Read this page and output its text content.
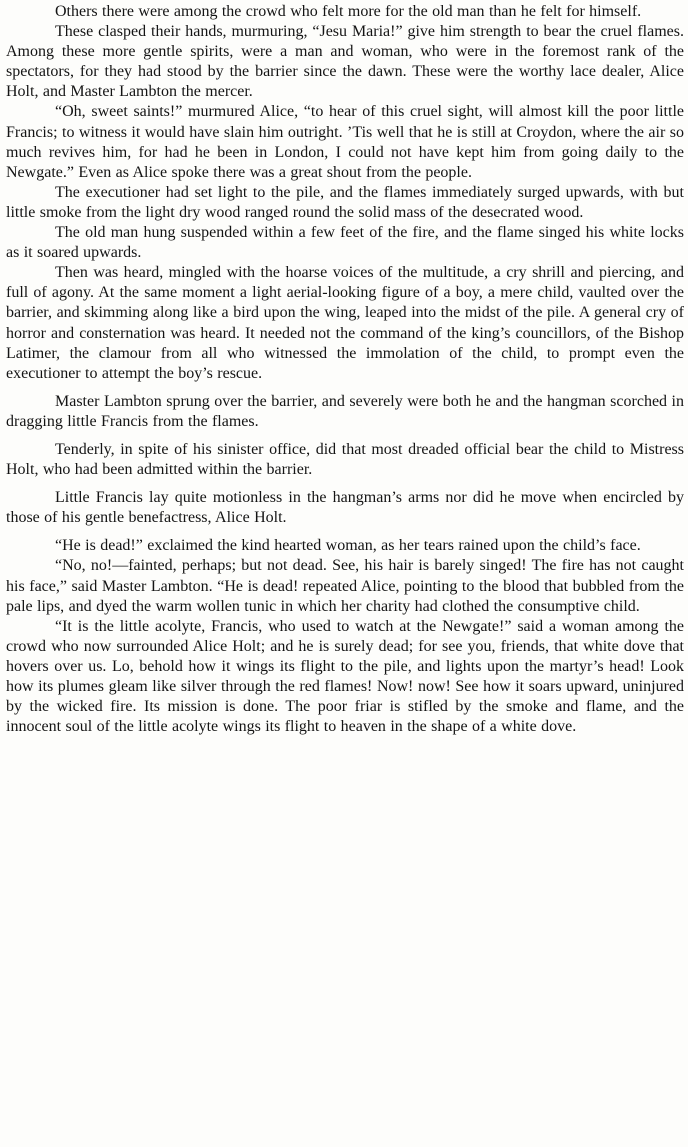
Others there were among the crowd who felt more for the old man than he felt for himself.

These clasped their hands, murmuring, “Jesu Maria!” give him strength to bear the cruel flames. Among these more gentle spirits, were a man and woman, who were in the foremost rank of the spectators, for they had stood by the barrier since the dawn. These were the worthy lace dealer, Alice Holt, and Master Lambton the mercer.

“Oh, sweet saints!” murmured Alice, “to hear of this cruel sight, will almost kill the poor little Francis; to witness it would have slain him outright. ’Tis well that he is still at Croydon, where the air so much revives him, for had he been in London, I could not have kept him from going daily to the Newgate.” Even as Alice spoke there was a great shout from the people.

The executioner had set light to the pile, and the flames immediately surged upwards, with but little smoke from the light dry wood ranged round the solid mass of the desecrated wood.

The old man hung suspended within a few feet of the fire, and the flame singed his white locks as it soared upwards.

Then was heard, mingled with the hoarse voices of the multitude, a cry shrill and piercing, and full of agony. At the same moment a light aerial-looking figure of a boy, a mere child, vaulted over the barrier, and skimming along like a bird upon the wing, leaped into the midst of the pile. A general cry of horror and consternation was heard. It needed not the command of the king’s councillors, of the Bishop Latimer, the clamour from all who witnessed the immolation of the child, to prompt even the executioner to attempt the boy’s rescue.

Master Lambton sprung over the barrier, and severely were both he and the hangman scorched in dragging little Francis from the flames.

Tenderly, in spite of his sinister office, did that most dreaded official bear the child to Mistress Holt, who had been admitted within the barrier.

Little Francis lay quite motionless in the hangman’s arms nor did he move when encircled by those of his gentle benefactress, Alice Holt.

“He is dead!” exclaimed the kind hearted woman, as her tears rained upon the child’s face.

“No, no!—fainted, perhaps; but not dead. See, his hair is barely singed! The fire has not caught his face,” said Master Lambton. “He is dead! repeated Alice, pointing to the blood that bubbled from the pale lips, and dyed the warm wollen tunic in which her charity had clothed the consumptive child.

“It is the little acolyte, Francis, who used to watch at the Newgate!” said a woman among the crowd who now surrounded Alice Holt; and he is surely dead; for see you, friends, that white dove that hovers over us. Lo, behold how it wings its flight to the pile, and lights upon the martyr’s head! Look how its plumes gleam like silver through the red flames! Now! now! See how it soars upward, uninjured by the wicked fire. Its mission is done. The poor friar is stifled by the smoke and flame, and the innocent soul of the little acolyte wings its flight to heaven in the shape of a white dove.
